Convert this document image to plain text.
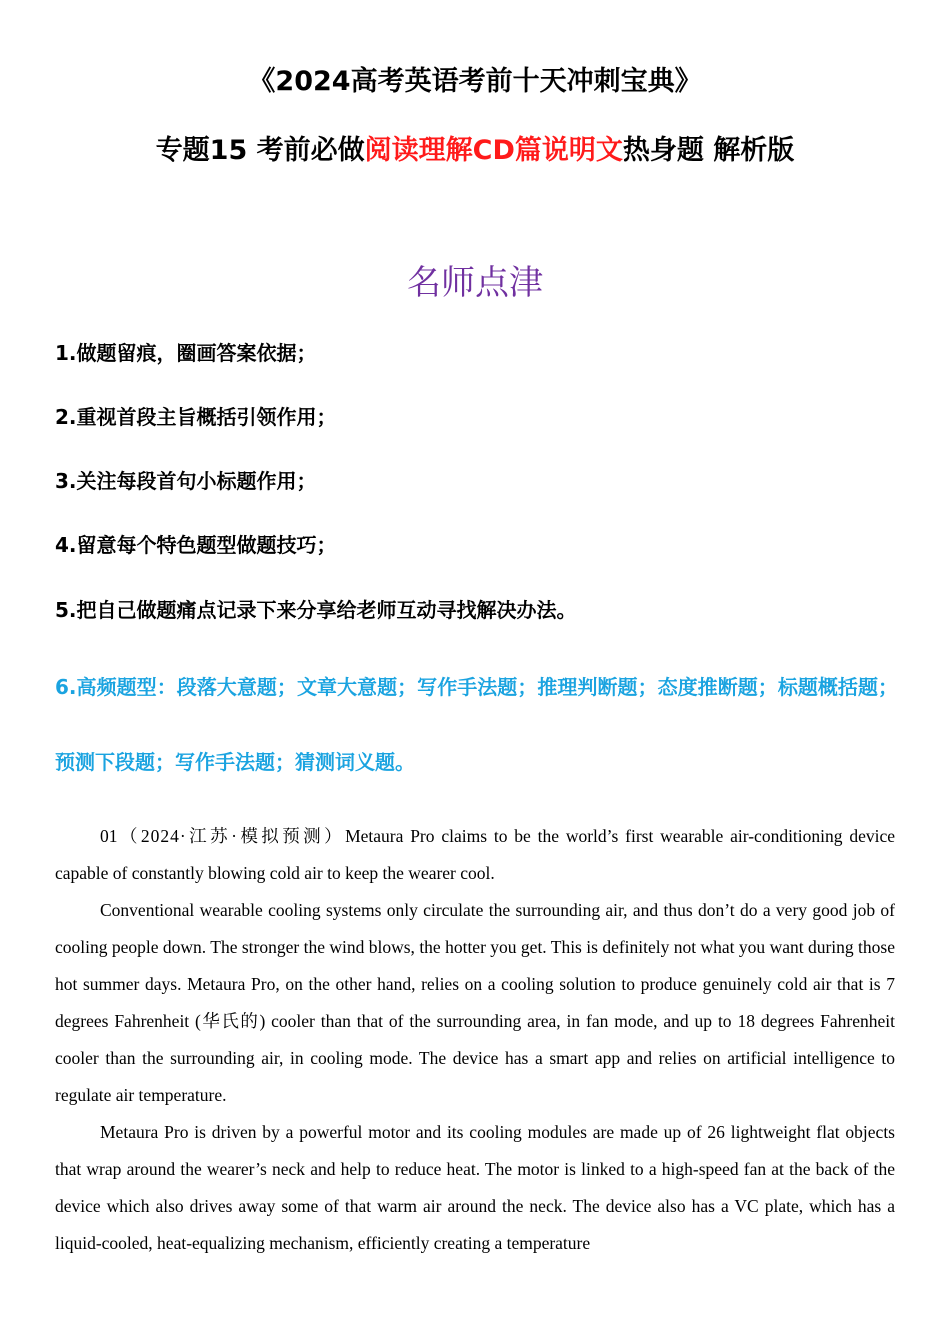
《2024高考英语考前十天冲刺宝典》
专题15 考前必做阅读理解CD篇说明文热身题 解析版
名师点津
1.做题留痕，圈画答案依据；
2.重视首段主旨概括引领作用；
3.关注每段首句小标题作用；
4.留意每个特色题型做题技巧；
5.把自己做题痛点记录下来分享给老师互动寻找解决办法。
6.高频题型：段落大意题；文章大意题；写作手法题；推理判断题；态度推断题；标题概括题；预测下段题；写作手法题；猜测词义题。

01（2024·江苏·模拟预测）Metaura Pro claims to be the world’s first wearable air-conditioning device capable of constantly blowing cold air to keep the wearer cool.

Conventional wearable cooling systems only circulate the surrounding air, and thus don’t do a very good job of cooling people down. The stronger the wind blows, the hotter you get. This is definitely not what you want during those hot summer days. Metaura Pro, on the other hand, relies on a cooling solution to produce genuinely cold air that is 7 degrees Fahrenheit (华氏的) cooler than that of the surrounding area, in fan mode, and up to 18 degrees Fahrenheit cooler than the surrounding air, in cooling mode. The device has a smart app and relies on artificial intelligence to regulate air temperature.

Metaura Pro is driven by a powerful motor and its cooling modules are made up of 26 lightweight flat objects that wrap around the wearer’s neck and help to reduce heat. The motor is linked to a high-speed fan at the back of the device which also drives away some of that warm air around the neck. The device also has a VC plate, which has a liquid-cooled, heat-equalizing mechanism, efficiently creating a temperature
